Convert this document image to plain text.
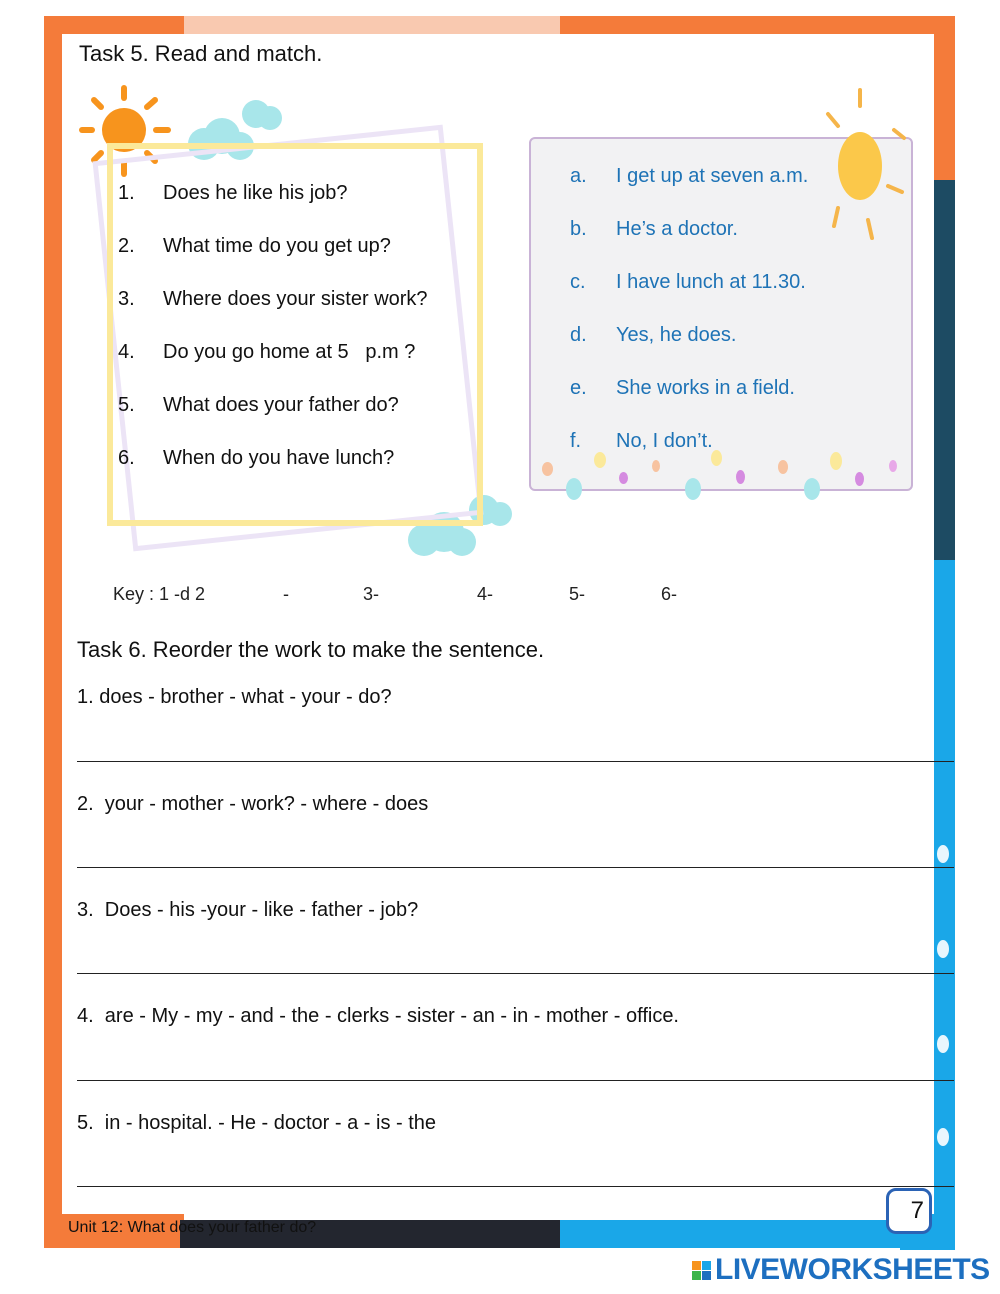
Task 5. Read and match.
1.	Does he like his job?
2.	What time do you get up?
3.	Where does your sister work?
4.	Do you go home at 5   p.m ?
5.	What does your father do?
6.	When do you have lunch?
a.	I get up at seven a.m.
b.	He’s a doctor.
c.	I have lunch at 11.30.
d.	Yes, he does.
e.	She works in a field.
f.	No, I don’t.
Key : 1 -d 2	-	3-	4-	5-	6-
Task 6. Reorder the work to make the sentence.
1. does - brother - what - your - do?
2.  your - mother - work? - where - does
3.  Does - his -your - like - father - job?
4.  are - My - my - and - the - clerks - sister - an - in - mother - office.
5.  in - hospital. - He - doctor - a - is - the
Unit 12: What does your father do?
7
LIVEWORKSHEETS
